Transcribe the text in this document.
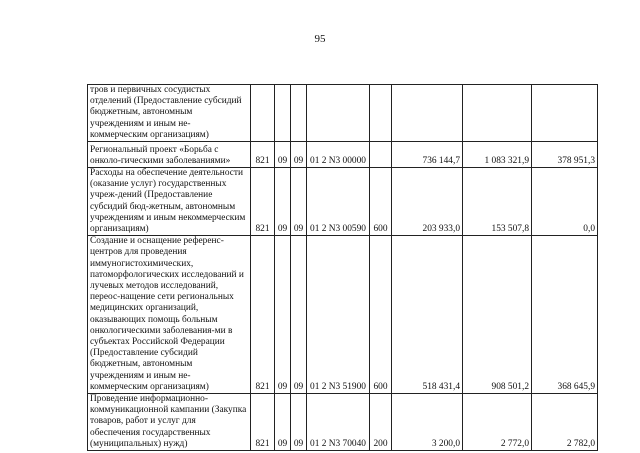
95
тров и первичных сосудистых отделений (Предоставление субсидий бюджетным, автономным учреждениям и иным не-коммерческим организациям)								
Региональный проект «Борьба с онколо-гическими заболеваниями»	821	09	09	01 2 N3 00000		736 144,7	1 083 321,9	378 951,3
Расходы на обеспечение деятельности (оказание услуг) государственных учреж-дений (Предоставление субсидий бюд-жетным, автономным учреждениям и иным некоммерческим организациям)	821	09	09	01 2 N3 00590	600	203 933,0	153 507,8	0,0
Создание и оснащение референс-центров для проведения иммуногистохимических, патоморфологических исследований и лучевых методов исследований, переос-нащение сети региональных медицинских организаций, оказывающих помощь больным онкологическими заболевания-ми в субъектах Российской Федерации (Предоставление субсидий бюджетным, автономным учреждениям и иным не-коммерческим организациям)	821	09	09	01 2 N3 51900	600	518 431,4	908 501,2	368 645,9
Проведение информационно-коммуникационной кампании (Закупка товаров, работ и услуг для обеспечения государственных (муниципальных) нужд)	821	09	09	01 2 N3 70040	200	3 200,0	2 772,0	2 782,0
